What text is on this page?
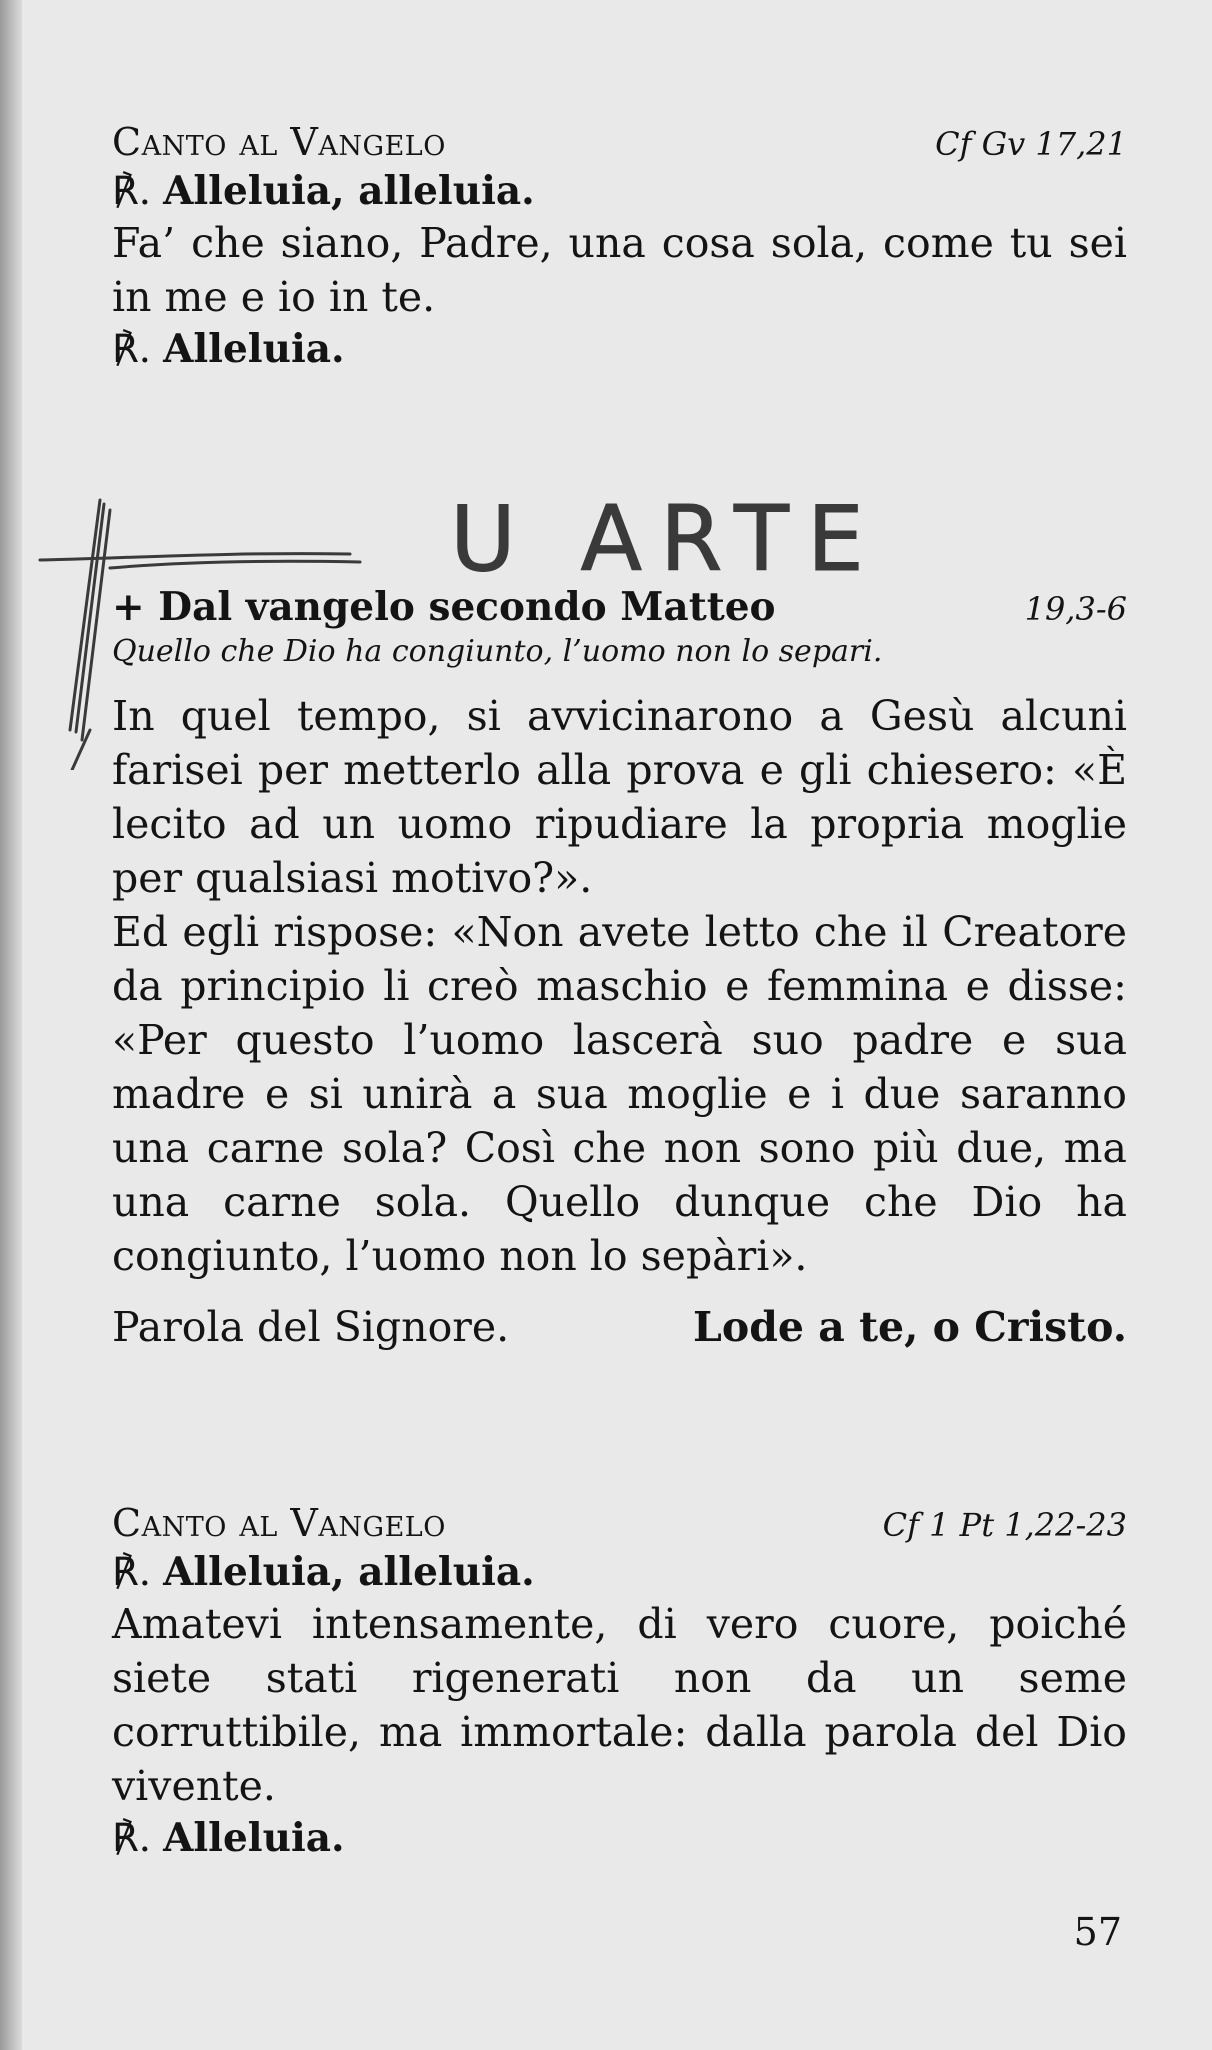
Canto al Vangelo	Cf Gv 17,21
℟. Alleluia, alleluia.

Fa’ che siano, Padre, una cosa sola, come tu sei in me e io in te.

℟. Alleluia.
+ Dal vangelo secondo Matteo	19,3-6
Quello che Dio ha congiunto, l’uomo non lo separi.

In quel tempo, si avvicinarono a Gesù alcuni farisei per metterlo alla prova e gli chiesero: «È lecito ad un uomo ripudiare la propria moglie per qualsiasi motivo?».

Ed egli rispose: «Non avete letto che il Creatore da principio li creò maschio e femmina e disse: «Per questo l’uomo lascerà suo padre e sua madre e si unirà a sua moglie e i due saranno una carne sola? Così che non sono più due, ma una carne sola. Quello dunque che Dio ha congiunto, l’uomo non lo sepàri».

Parola del Signore.	Lode a te, o Cristo.
Canto al Vangelo	Cf 1 Pt 1,22-23
℟. Alleluia, alleluia.

Amatevi intensamente, di vero cuore, poiché siete stati rigenerati non da un seme corruttibile, ma immortale: dalla parola del Dio vivente.

℟. Alleluia.
U ARTE
57
